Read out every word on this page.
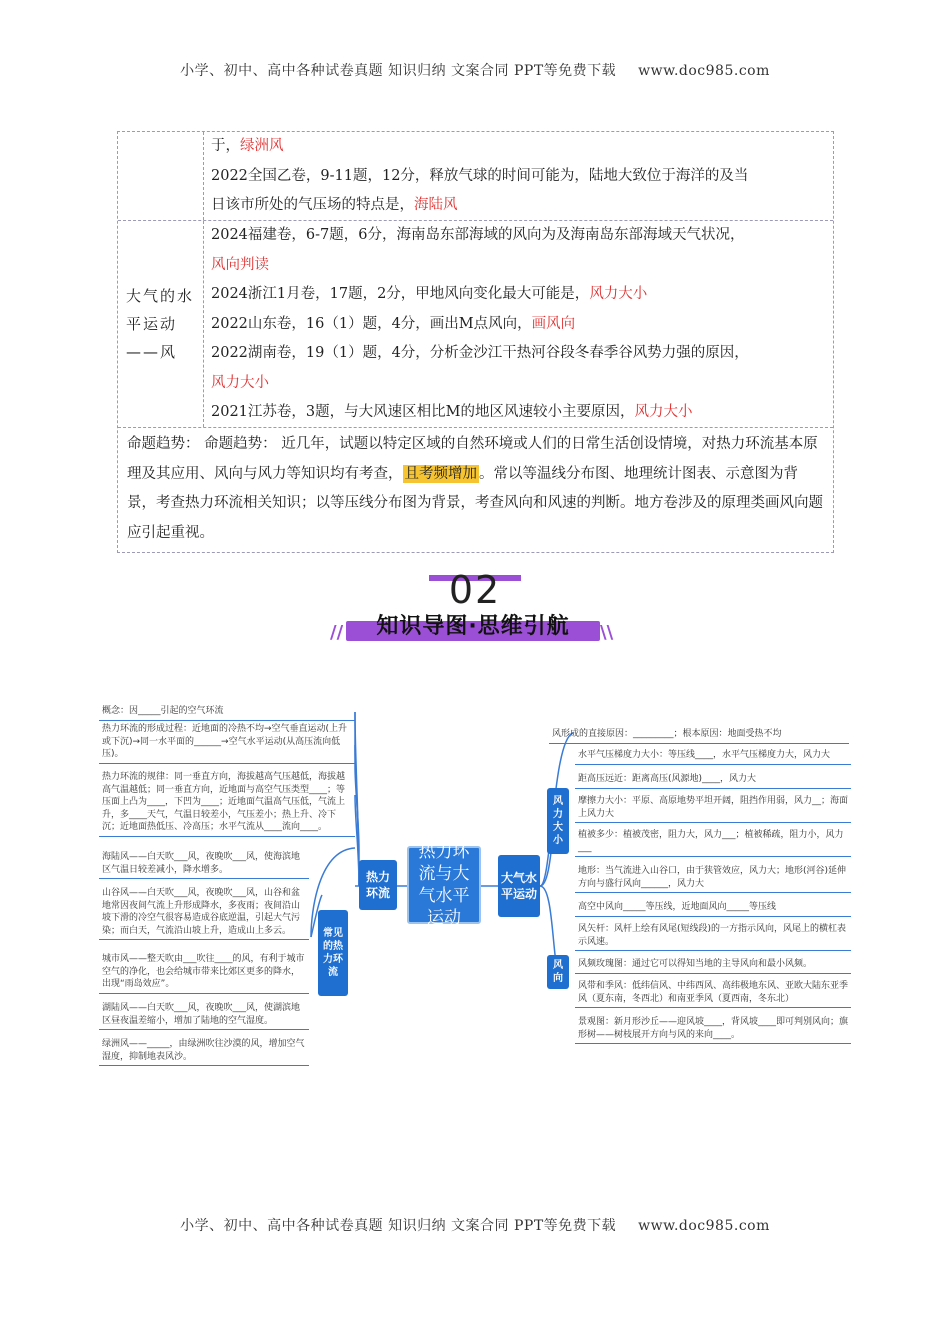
小学、初中、高中各种试卷真题 知识归纳 文案合同 PPT等免费下载 www.doc985.com
于，绿洲风
2022全国乙卷，9-11题，12分，释放气球的时间可能为，陆地大致位于海洋的及当
日该市所处的气压场的特点是，海陆风
大气的水平运动——风
2024福建卷，6-7题，6分，海南岛东部海域的风向为及海南岛东部海域天气状况，
风向判读
2024浙江1月卷，17题，2分，甲地风向变化最大可能是，风力大小
2022山东卷，16（1）题，4分，画出M点风向，画风向
2022湖南卷，19（1）题，4分，分析金沙江干热河谷段冬春季谷风势力强的原因，
风力大小
2021江苏卷，3题，与大风速区相比M的地区风速较小主要原因，风力大小
命题趋势： 命题趋势： 近几年，试题以特定区域的自然环境或人们的日常生活创设情境，对热力环流基本原理及其应用、风向与风力等知识均有考查， 且考频增加 。常以等温线分布图、地理统计图表、示意图为背景，考查热力环流相关知识；以等压线分布图为背景，考查风向和风速的判断。地方卷涉及的原理类画风向题应引起重视。
02
//	\\
知识导图·思维引航
概念：因_____引起的空气环流
热力环流的形成过程：近地面的冷热不均→空气垂直运动(上升或下沉)→同一水平面的______→空气水平运动(从高压流向低压)。
热力环流的规律：同一垂直方向，海拔越高气压越低，海拔越高气温越低；同一垂直方向，近地面与高空气压类型____；等压面上凸为____，下凹为____；近地面气温高气压低，气流上升，多____天气，气温日较差小，气压差小；热上升、冷下沉；近地面热低压、冷高压；水平气流从____流向____。
海陆风——白天吹___风，夜晚吹___风，使海滨地区气温日较差减小，降水增多。
山谷风——白天吹___风，夜晚吹___风，山谷和盆地常因夜间气流上升形成降水，多夜雨；夜间沿山坡下滑的冷空气很容易造成谷底逆温，引起大气污染；而白天，气流沿山坡上升，造成山上多云。
城市风——整天吹由___吹往____的风，有利于城市空气的净化，也会给城市带来比郊区更多的降水，出现“雨岛效应”。
湖陆风——白天吹___风，夜晚吹___风，使湖滨地区昼夜温差缩小，增加了陆地的空气湿度。
绿洲风——_____，由绿洲吹往沙漠的风，增加空气湿度，抑制地表风沙。
常见的热力环流
热力环流
热力环流与大气水平运动
大气水平运动
风力大小
风向
风形成的直接原因：_________；根本原因：地面受热不均
水平气压梯度力大小：等压线____，水平气压梯度力大，风力大
距高压远近：距离高压(风源地)____，风力大
摩擦力大小：平原、高原地势平坦开阔，阻挡作用弱，风力__；海面上风力大
植被多少：植被茂密，阻力大，风力___；植被稀疏，阻力小，风力___
地形：当气流进入山谷口，由于狭管效应，风力大；地形(河谷)延伸方向与盛行风向______，风力大
高空中风向_____等压线，近地面风向_____等压线
风矢杆：风杆上绘有风尾(短线段)的一方指示风向，风尾上的横杠表示风速。
风频玫瑰图：通过它可以得知当地的主导风向和最小风频。
风带和季风：低纬信风、中纬西风、高纬极地东风、亚欧大陆东亚季风（夏东南，冬西北）和南亚季风（夏西南，冬东北）
景观图：新月形沙丘——迎风坡____，背风坡____即可判别风向；旗形树——树枝展开方向与风的来向____。
小学、初中、高中各种试卷真题 知识归纳 文案合同 PPT等免费下载 www.doc985.com
